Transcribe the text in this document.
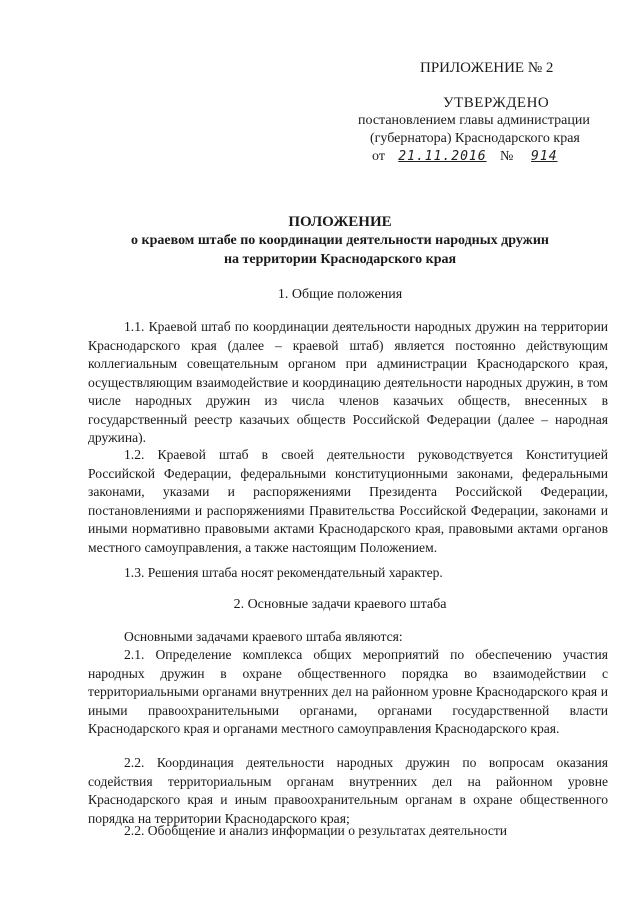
ПРИЛОЖЕНИЕ № 2
УТВЕРЖДЕНО
постановлением главы администрации
(губернатора) Краснодарского края
от 21.11.2016 № 914
ПОЛОЖЕНИЕ
о краевом штабе по координации деятельности народных дружин
на территории Краснодарского края
1. Общие положения
1.1. Краевой штаб по координации деятельности народных дружин на территории Краснодарского края (далее – краевой штаб) является постоянно действующим коллегиальным совещательным органом при администрации Краснодарского края, осуществляющим взаимодействие и координацию деятельности народных дружин, в том числе народных дружин из числа членов казачьих обществ, внесенных в государственный реестр казачьих обществ Российской Федерации (далее – народная дружина).
1.2. Краевой штаб в своей деятельности руководствуется Конституцией Российской Федерации, федеральными конституционными законами, федеральными законами, указами и распоряжениями Президента Российской Федерации, постановлениями и распоряжениями Правительства Российской Федерации, законами и иными нормативно правовыми актами Краснодарского края, правовыми актами органов местного самоуправления, а также настоящим Положением.
1.3. Решения штаба носят рекомендательный характер.
2. Основные задачи краевого штаба
Основными задачами краевого штаба являются:
2.1. Определение комплекса общих мероприятий по обеспечению участия народных дружин в охране общественного порядка во взаимодействии с территориальными органами внутренних дел на районном уровне Краснодарского края и иными правоохранительными органами, органами государственной власти Краснодарского края и органами местного самоуправления Краснодарского края.
2.2. Координация деятельности народных дружин по вопросам оказания содействия территориальным органам внутренних дел на районном уровне Краснодарского края и иным правоохранительным органам в охране общественного порядка на территории Краснодарского края;
2.2. Обобщение и анализ информации о результатах деятельности
